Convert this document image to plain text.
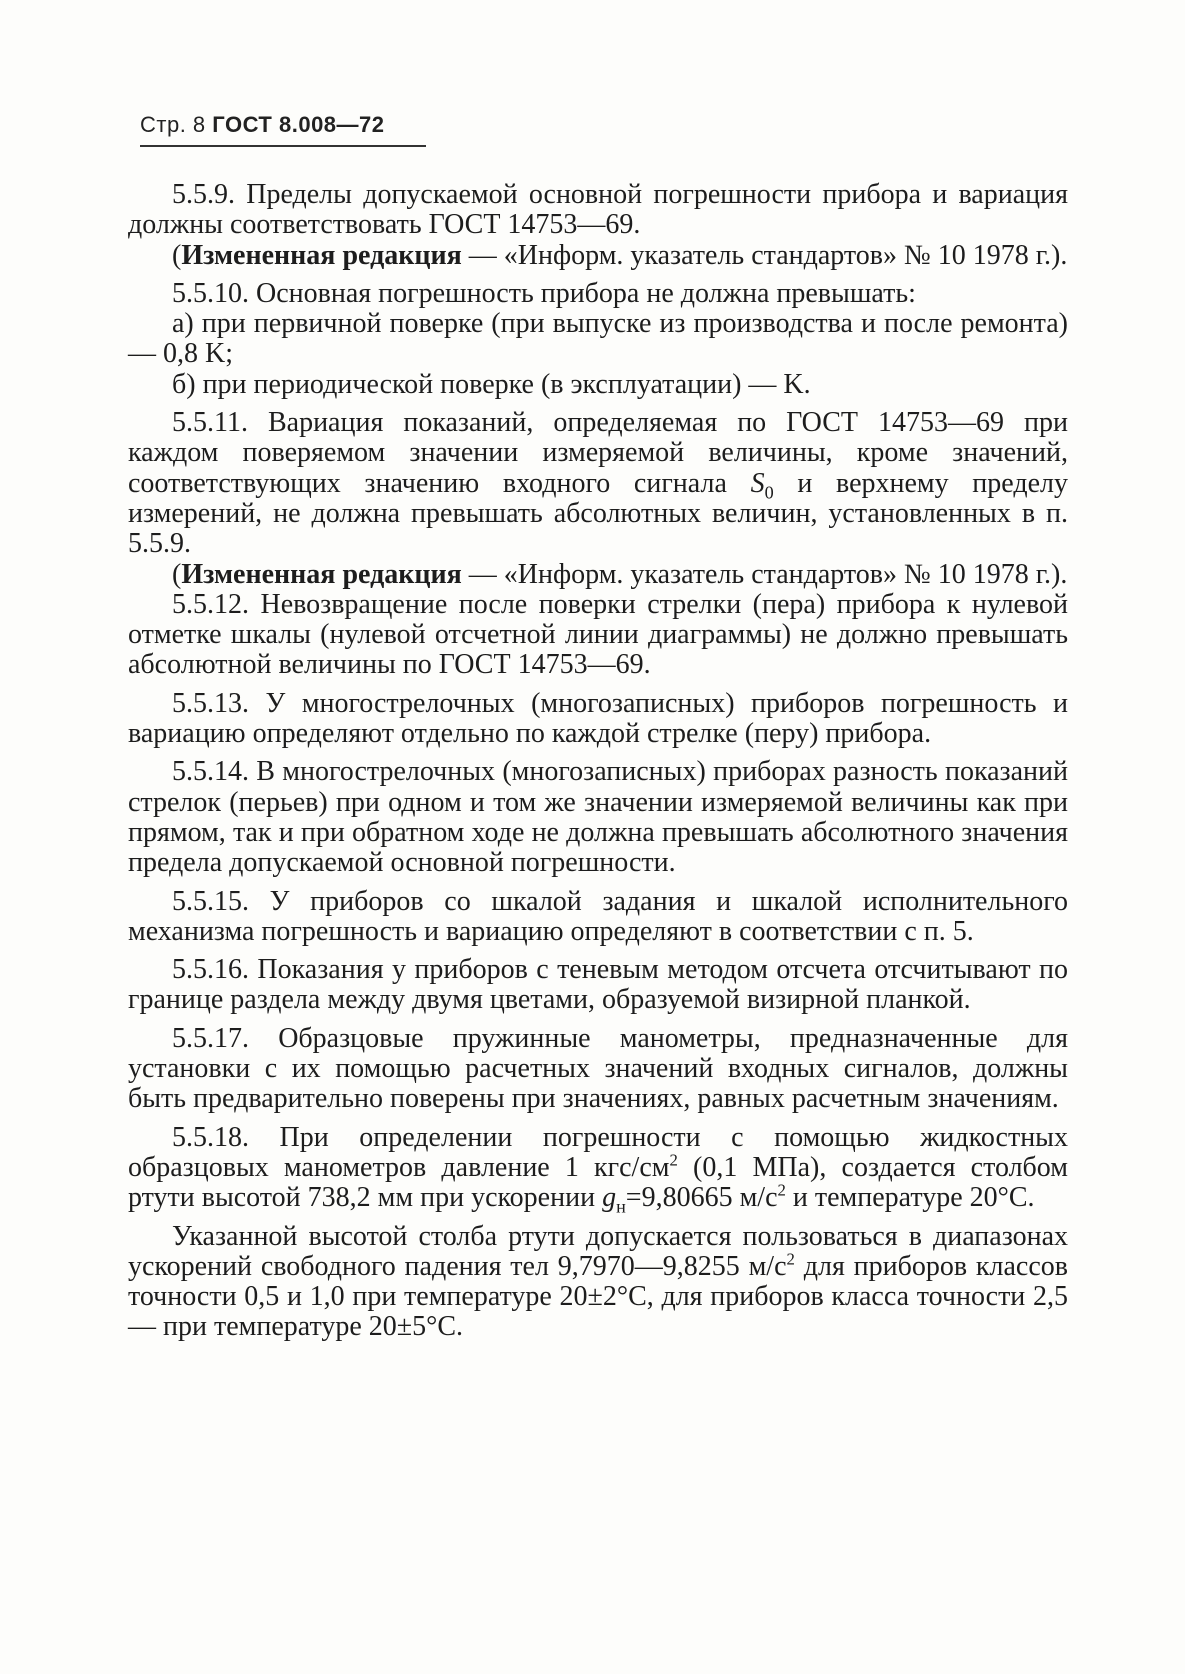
Стр. 8 ГОСТ 8.008—72

5.5.9. Пределы допускаемой основной погрешности прибора и вариация должны соответствовать ГОСТ 14753—69.

(Измененная редакция — «Информ. указатель стандартов» № 10 1978 г.).

5.5.10. Основная погрешность прибора не должна превышать:

а) при первичной поверке (при выпуске из производства и после ремонта) — 0,8 K;

б) при периодической поверке (в эксплуатации) — K.

5.5.11. Вариация показаний, определяемая по ГОСТ 14753—69 при каждом поверяемом значении измеряемой величины, кроме значений, соответствующих значению входного сигнала $S_0$ и верхнему пределу измерений, не должна превышать абсолютных величин, установленных в п. 5.5.9.

(Измененная редакция — «Информ. указатель стандартов» № 10 1978 г.).

5.5.12. Невозвращение после поверки стрелки (пера) прибора к нулевой отметке шкалы (нулевой отсчетной линии диаграммы) не должно превышать абсолютной величины по ГОСТ 14753—69.

5.5.13. У многострелочных (многозаписных) приборов погрешность и вариацию определяют отдельно по каждой стрелке (перу) прибора.

5.5.14. В многострелочных (многозаписных) приборах разность показаний стрелок (перьев) при одном и том же значении измеряемой величины как при прямом, так и при обратном ходе не должна превышать абсолютного значения предела допускаемой основной погрешности.

5.5.15. У приборов со шкалой задания и шкалой исполнительного механизма погрешность и вариацию определяют в соответствии с п. 5.

5.5.16. Показания у приборов с теневым методом отсчета отсчитывают по границе раздела между двумя цветами, образуемой визирной планкой.

5.5.17. Образцовые пружинные манометры, предназначенные для установки с их помощью расчетных значений входных сигналов, должны быть предварительно поверены при значениях, равных расчетным значениям.

5.5.18. При определении погрешности с помощью жидкостных образцовых манометров давление 1 кгс/$см^2$ (0,1 МПа), создается столбом ртути высотой 738,2 мм при ускорении $g_н=9,80665$ $м/с^2$ и температуре 20°С.

Указанной высотой столба ртути допускается пользоваться в диапазонах ускорений свободного падения тел 9,7970—9,8255 $м/с^2$ для приборов классов точности 0,5 и 1,0 при температуре 20±2°С, для приборов класса точности 2,5 — при температуре 20±5°С.
